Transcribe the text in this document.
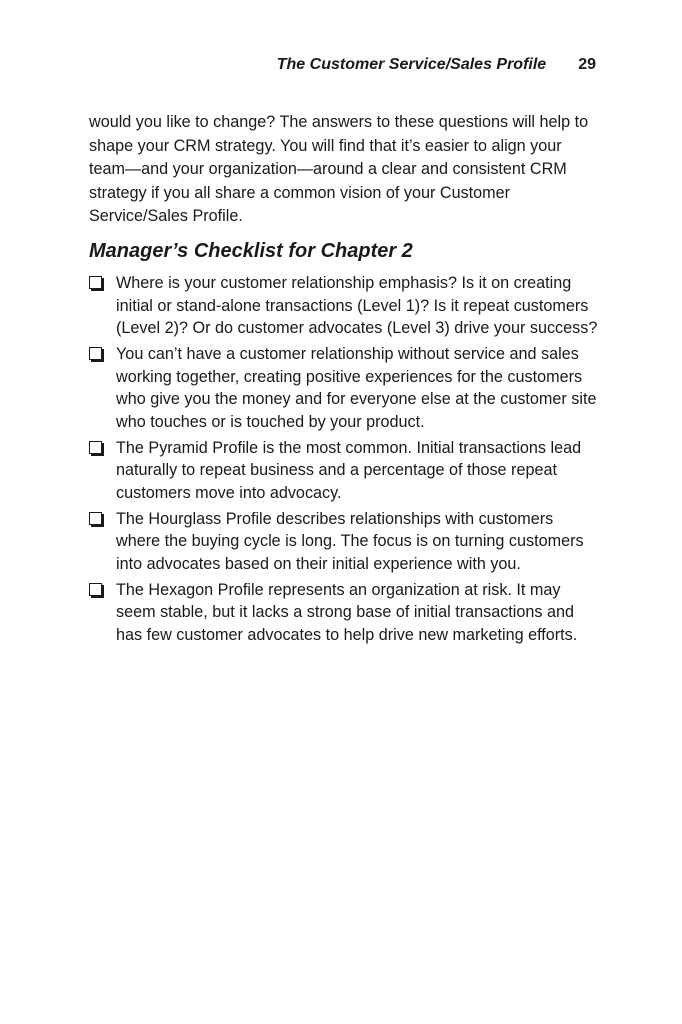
The Customer Service/Sales Profile 29

would you like to change? The answers to these questions will help to shape your CRM strategy. You will find that it’s easier to align your team—and your organization—around a clear and consistent CRM strategy if you all share a common vision of your Customer Service/Sales Profile.

Manager’s Checklist for Chapter 2
Where is your customer relationship emphasis? Is it on creating initial or stand-alone transactions (Level 1)? Is it repeat customers (Level 2)? Or do customer advocates (Level 3) drive your success?
You can’t have a customer relationship without service and sales working together, creating positive experiences for the customers who give you the money and for everyone else at the customer site who touches or is touched by your product.
The Pyramid Profile is the most common. Initial transactions lead naturally to repeat business and a percentage of those repeat customers move into advocacy.
The Hourglass Profile describes relationships with customers where the buying cycle is long. The focus is on turning customers into advocates based on their initial experience with you.
The Hexagon Profile represents an organization at risk. It may seem stable, but it lacks a strong base of initial transactions and has few customer advocates to help drive new marketing efforts.
